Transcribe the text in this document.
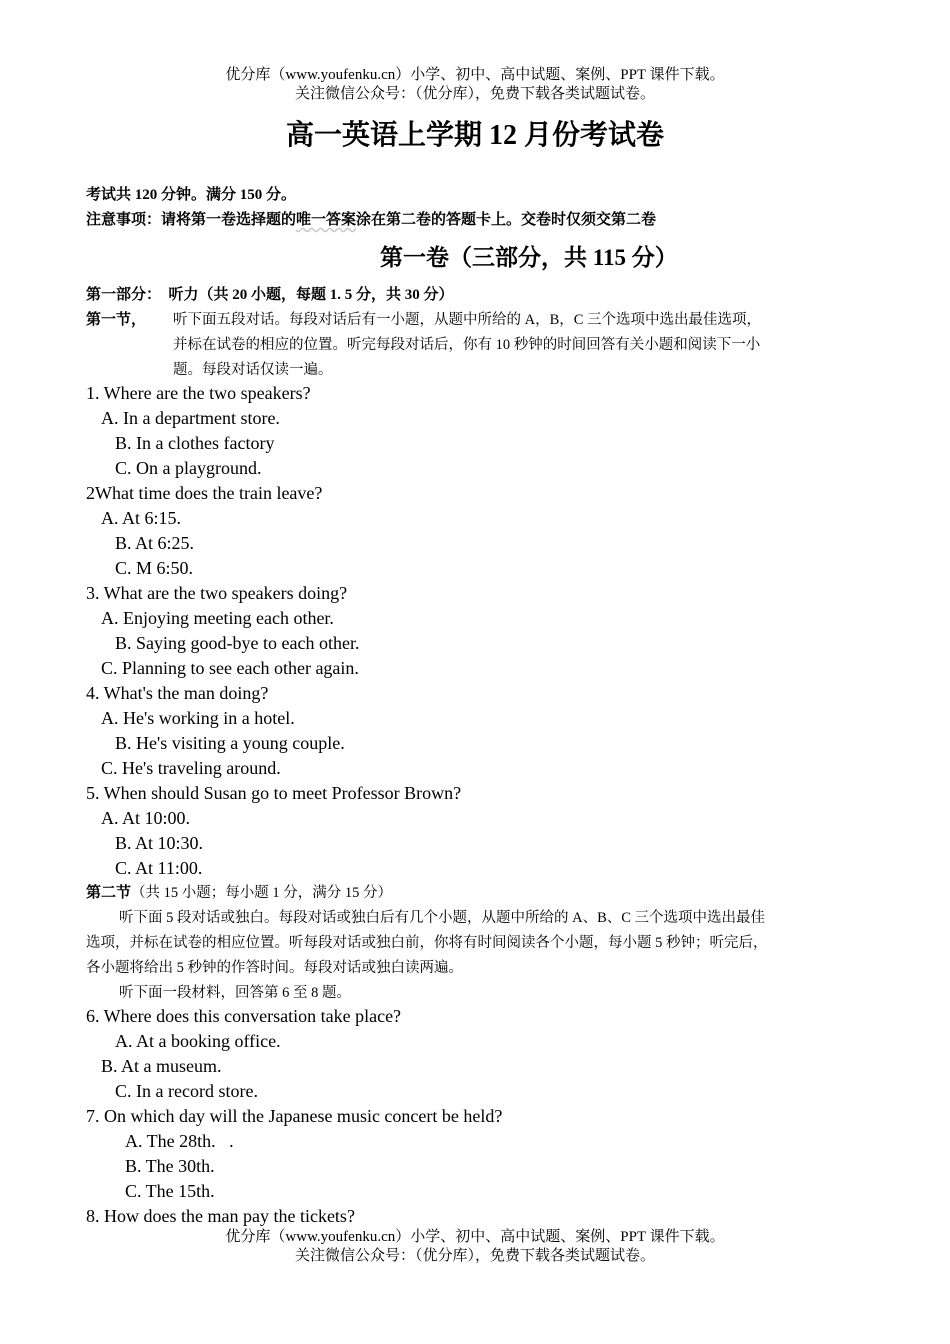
优分库（www.youfenku.cn）小学、初中、高中试题、案例、PPT 课件下载。
关注微信公众号：（优分库），免费下载各类试题试卷。
高一英语上学期 12 月份考试卷
考试共 120 分钟。满分 150 分。
注意事项：请将第一卷选择题的唯一答案涂在第二卷的答题卡上。交卷时仅须交第二卷
第一卷（三部分，共 115 分）
第一部分：  听力（共 20 小题，每题 1. 5 分，共 30 分）
第一节， 听下面五段对话。每段对话后有一小题，从题中所给的 A，B，C 三个选项中选出最佳选项，
并标在试卷的相应的位置。听完每段对话后，你有 10 秒钟的时间回答有关小题和阅读下一小
题。每段对话仅读一遍。
1. Where are the two speakers?
A. In a department store.
B. In a clothes factory
C. On a playground.
2What time does the train leave?
A. At 6:15.
B. At 6:25.
C. M 6:50.
3. What are the two speakers doing?
A. Enjoying meeting each other.
B. Saying good-bye to each other.
C. Planning to see each other again.
4. What's the man doing?
A. He's working in a hotel.
B. He's visiting a young couple.
C. He's traveling around.
5. When should Susan go to meet Professor Brown?
A. At 10:00.
B. At 10:30.
C. At 11:00.
第二节（共 15 小题；每小题 1 分，满分 15 分）
听下面 5 段对话或独白。每段对话或独白后有几个小题，从题中所给的 A、B、C 三个选项中选出最佳
选项，并标在试卷的相应位置。听每段对话或独白前，你将有时间阅读各个小题，每小题 5 秒钟；听完后，
各小题将给出 5 秒钟的作答时间。每段对话或独白读两遍。
听下面一段材料，回答第 6 至 8 题。
6. Where does this conversation take place?
A. At a booking office.
B. At a museum.
C. In a record store.
7. On which day will the Japanese music concert be held?
A. The 28th.   .
B. The 30th.
C. The 15th.
8. How does the man pay the tickets?
优分库（www.youfenku.cn）小学、初中、高中试题、案例、PPT 课件下载。
关注微信公众号：（优分库），免费下载各类试题试卷。
